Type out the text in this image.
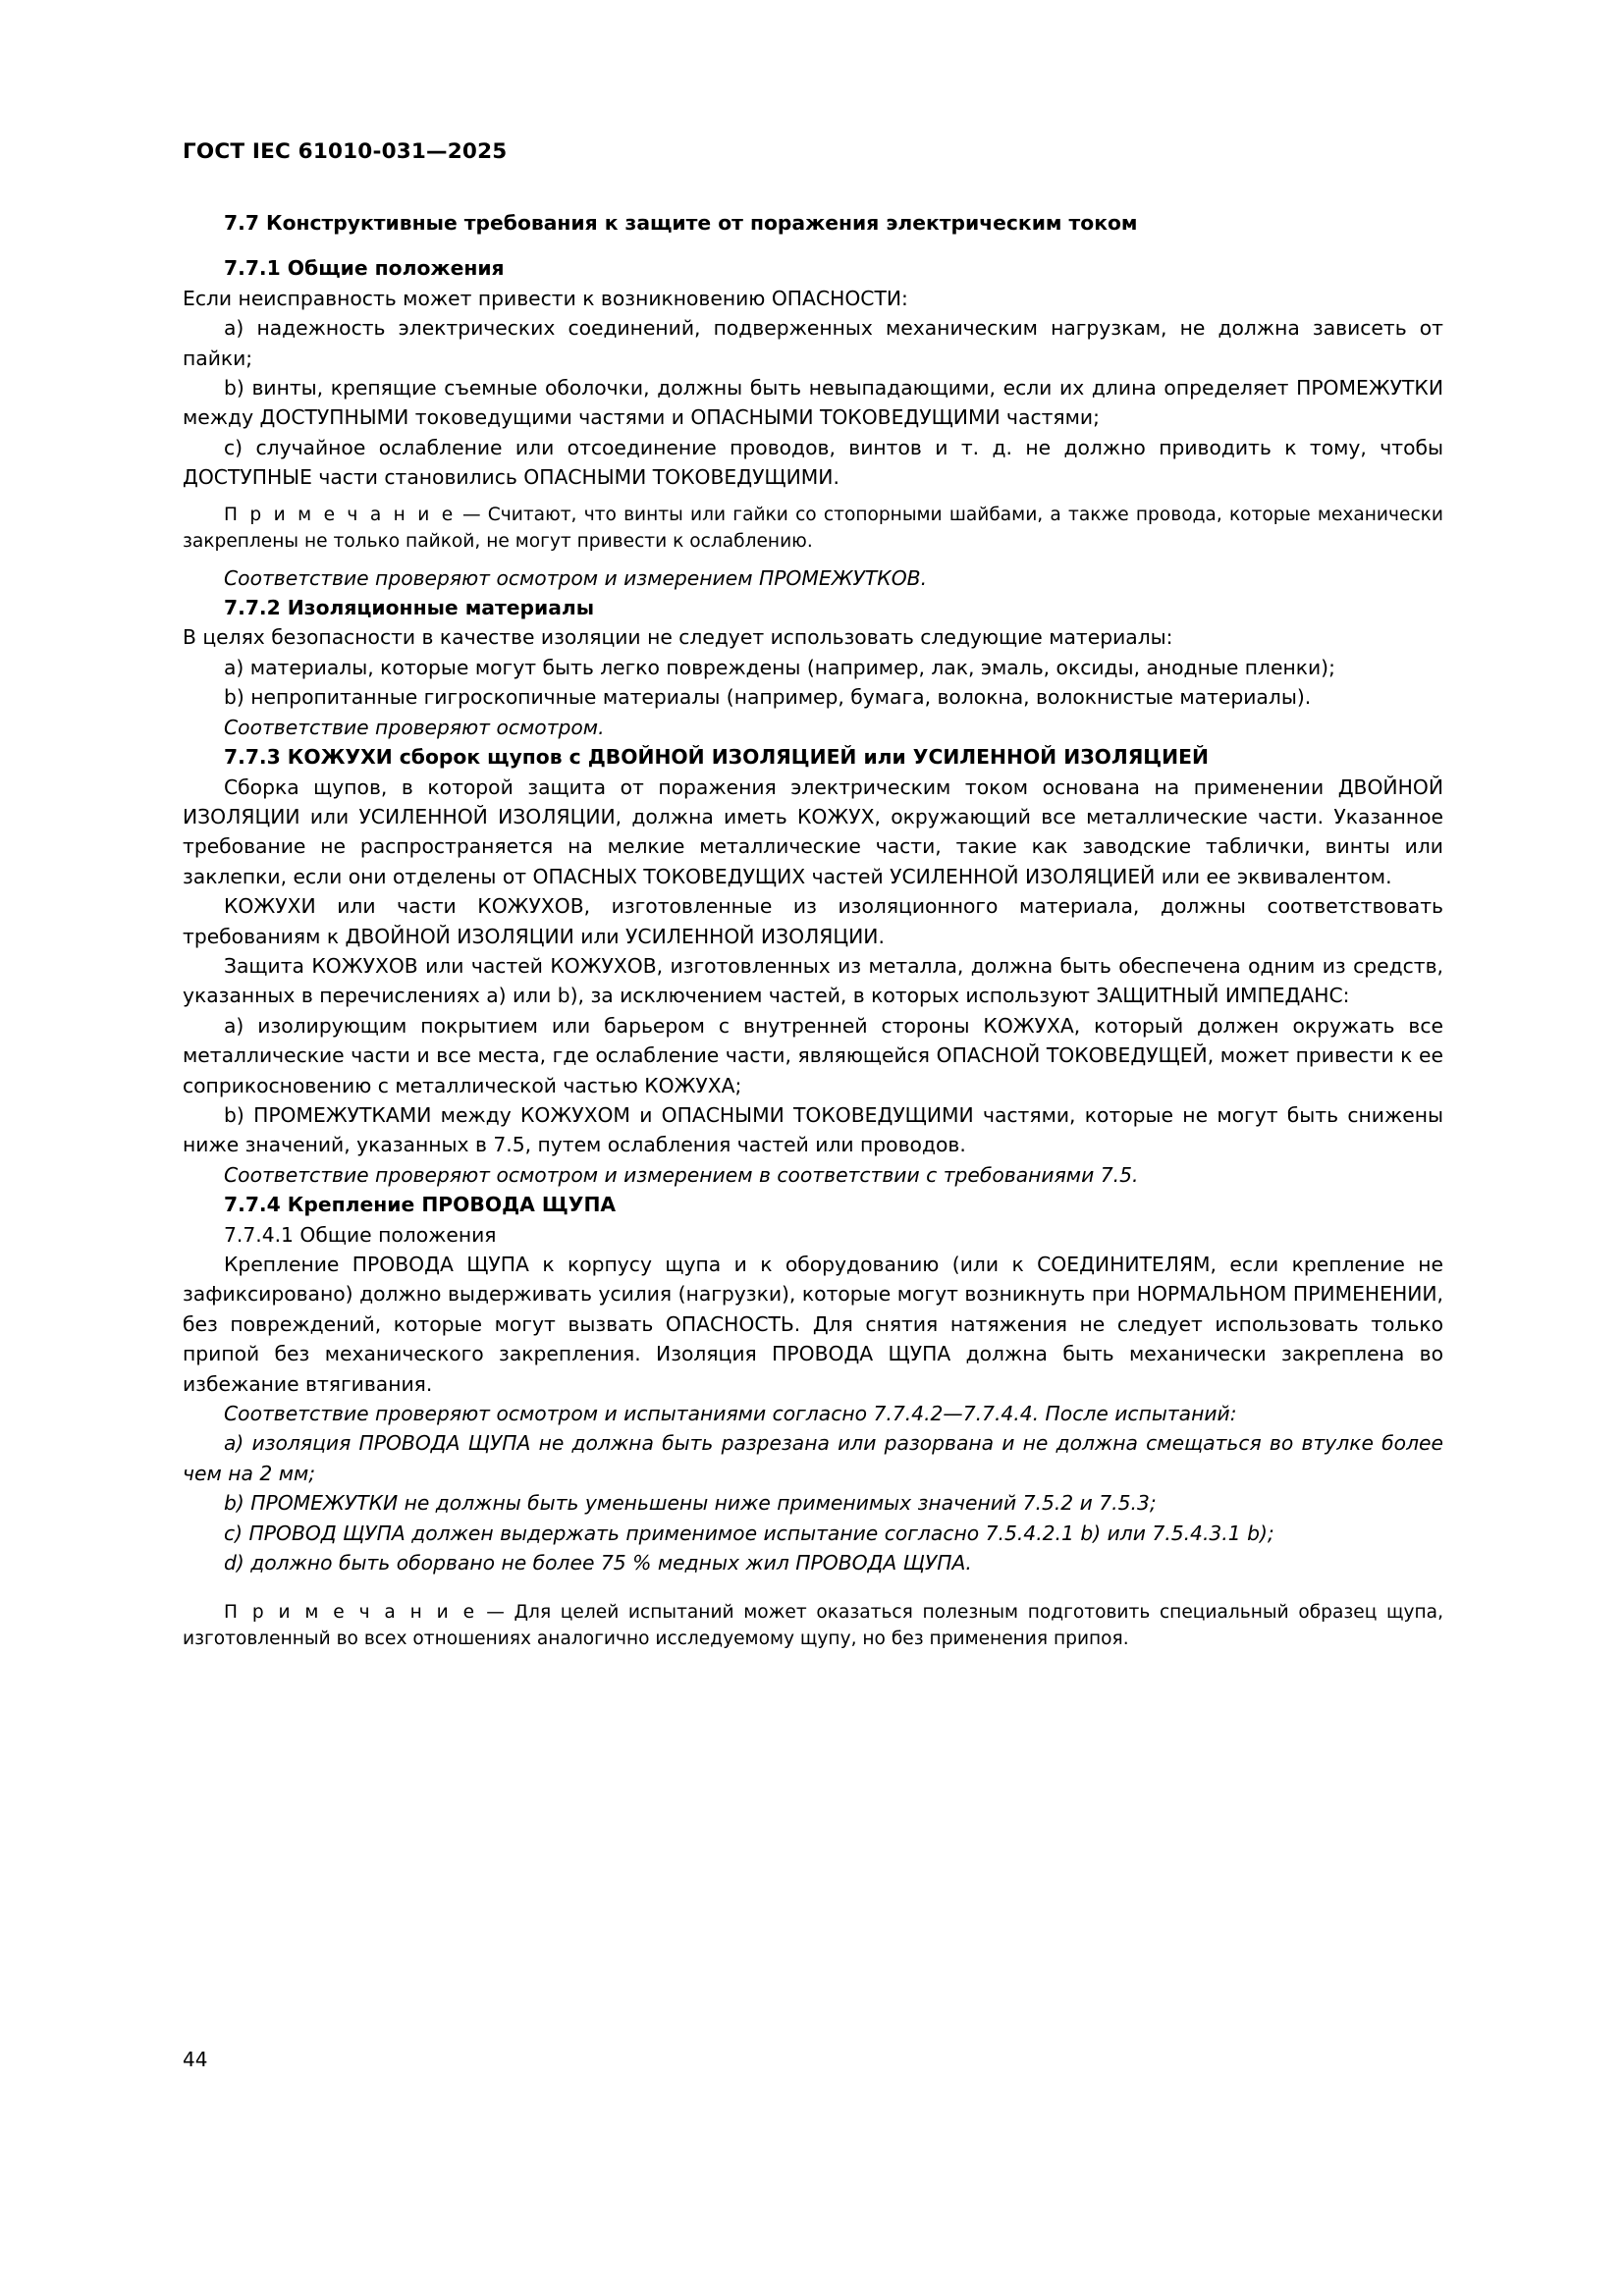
ГОСТ IEC 61010-031—2025

7.7 Конструктивные требования к защите от поражения электрическим током

7.7.1 Общие положения

Если неисправность может привести к возникновению ОПАСНОСТИ:

a) надежность электрических соединений, подверженных механическим нагрузкам, не должна зависеть от пайки;

b) винты, крепящие съемные оболочки, должны быть невыпадающими, если их длина определяет ПРОМЕЖУТКИ между ДОСТУПНЫМИ токоведущими частями и ОПАСНЫМИ ТОКОВЕДУЩИМИ частями;

c) случайное ослабление или отсоединение проводов, винтов и т. д. не должно приводить к тому, чтобы ДОСТУПНЫЕ части становились ОПАСНЫМИ ТОКОВЕДУЩИМИ.

П р и м е ч а н и е — Считают, что винты или гайки со стопорными шайбами, а также провода, которые механически закреплены не только пайкой, не могут привести к ослаблению.

Соответствие проверяют осмотром и измерением ПРОМЕЖУТКОВ.

7.7.2 Изоляционные материалы

В целях безопасности в качестве изоляции не следует использовать следующие материалы:

a) материалы, которые могут быть легко повреждены (например, лак, эмаль, оксиды, анодные пленки);

b) непропитанные гигроскопичные материалы (например, бумага, волокна, волокнистые материалы).

Соответствие проверяют осмотром.

7.7.3 КОЖУХИ сборок щупов с ДВОЙНОЙ ИЗОЛЯЦИЕЙ или УСИЛЕННОЙ ИЗОЛЯЦИЕЙ

Сборка щупов, в которой защита от поражения электрическим током основана на применении ДВОЙНОЙ ИЗОЛЯЦИИ или УСИЛЕННОЙ ИЗОЛЯЦИИ, должна иметь КОЖУХ, окружающий все металлические части. Указанное требование не распространяется на мелкие металлические части, такие как заводские таблички, винты или заклепки, если они отделены от ОПАСНЫХ ТОКОВЕДУЩИХ частей УСИЛЕННОЙ ИЗОЛЯЦИЕЙ или ее эквивалентом.

КОЖУХИ или части КОЖУХОВ, изготовленные из изоляционного материала, должны соответствовать требованиям к ДВОЙНОЙ ИЗОЛЯЦИИ или УСИЛЕННОЙ ИЗОЛЯЦИИ.

Защита КОЖУХОВ или частей КОЖУХОВ, изготовленных из металла, должна быть обеспечена одним из средств, указанных в перечислениях a) или b), за исключением частей, в которых используют ЗАЩИТНЫЙ ИМПЕДАНС:

a) изолирующим покрытием или барьером с внутренней стороны КОЖУХА, который должен окружать все металлические части и все места, где ослабление части, являющейся ОПАСНОЙ ТОКОВЕДУЩЕЙ, может привести к ее соприкосновению с металлической частью КОЖУХА;

b) ПРОМЕЖУТКАМИ между КОЖУХОМ и ОПАСНЫМИ ТОКОВЕДУЩИМИ частями, которые не могут быть снижены ниже значений, указанных в 7.5, путем ослабления частей или проводов.

Соответствие проверяют осмотром и измерением в соответствии с требованиями 7.5.

7.7.4 Крепление ПРОВОДА ЩУПА

7.7.4.1 Общие положения

Крепление ПРОВОДА ЩУПА к корпусу щупа и к оборудованию (или к СОЕДИНИТЕЛЯМ, если крепление не зафиксировано) должно выдерживать усилия (нагрузки), которые могут возникнуть при НОРМАЛЬНОМ ПРИМЕНЕНИИ, без повреждений, которые могут вызвать ОПАСНОСТЬ. Для снятия натяжения не следует использовать только припой без механического закрепления. Изоляция ПРОВОДА ЩУПА должна быть механически закреплена во избежание втягивания.

Соответствие проверяют осмотром и испытаниями согласно 7.7.4.2—7.7.4.4. После испытаний:

a) изоляция ПРОВОДА ЩУПА не должна быть разрезана или разорвана и не должна смещаться во втулке более чем на 2 мм;

b) ПРОМЕЖУТКИ не должны быть уменьшены ниже применимых значений 7.5.2 и 7.5.3;

c) ПРОВОД ЩУПА должен выдержать применимое испытание согласно 7.5.4.2.1 b) или 7.5.4.3.1 b);

d) должно быть оборвано не более 75 % медных жил ПРОВОДА ЩУПА.

П р и м е ч а н и е — Для целей испытаний может оказаться полезным подготовить специальный образец щупа, изготовленный во всех отношениях аналогично исследуемому щупу, но без применения припоя.

44
